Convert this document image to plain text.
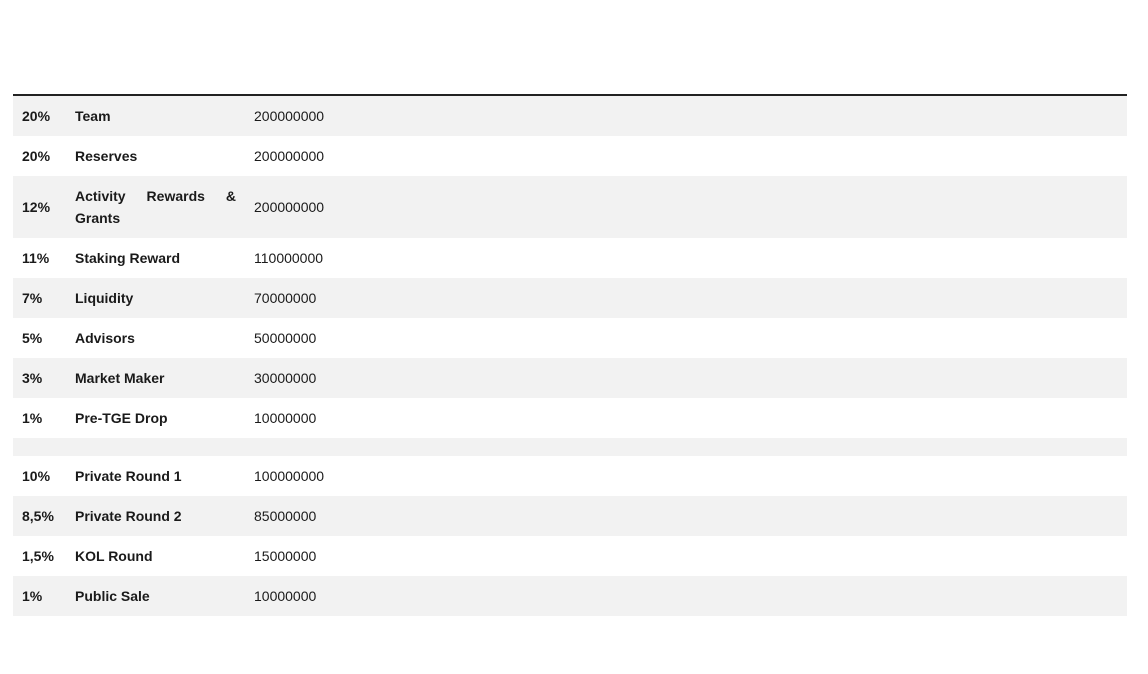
20%	Team	200000000	
20%	Reserves	200000000	
12%	Activity Rewards & Grants	200000000	
11%	Staking Reward	110000000	
7%	Liquidity	70000000	
5%	Advisors	50000000	
3%	Market Maker	30000000	
1%	Pre-TGE Drop	10000000	

10%	Private Round 1	100000000	
8,5%	Private Round 2	85000000	
1,5%	KOL Round	15000000	
1%	Public Sale	10000000	
